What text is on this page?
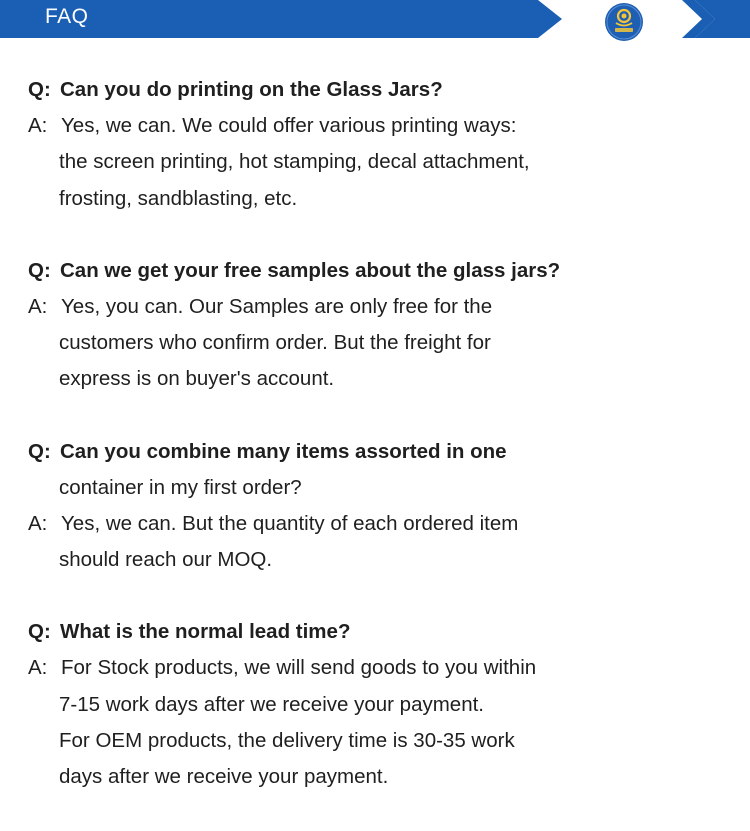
FAQ
Q: Can you do printing on the Glass Jars?
A: Yes, we can. We could offer various printing ways:
the screen printing, hot stamping, decal attachment,
frosting, sandblasting, etc.
Q: Can we get your free samples about the glass jars?
A: Yes, you can. Our Samples are only free for the
customers who confirm order. But the freight for
express is on buyer's account.
Q: Can you combine many items assorted in one
container in my first order?
A: Yes, we can. But the quantity of each ordered item
should reach our MOQ.
Q: What is the normal lead time?
A: For Stock products, we will send goods to you within
7-15 work days after we receive your payment.
For OEM products, the delivery time is 30-35 work
days after we receive your payment.
